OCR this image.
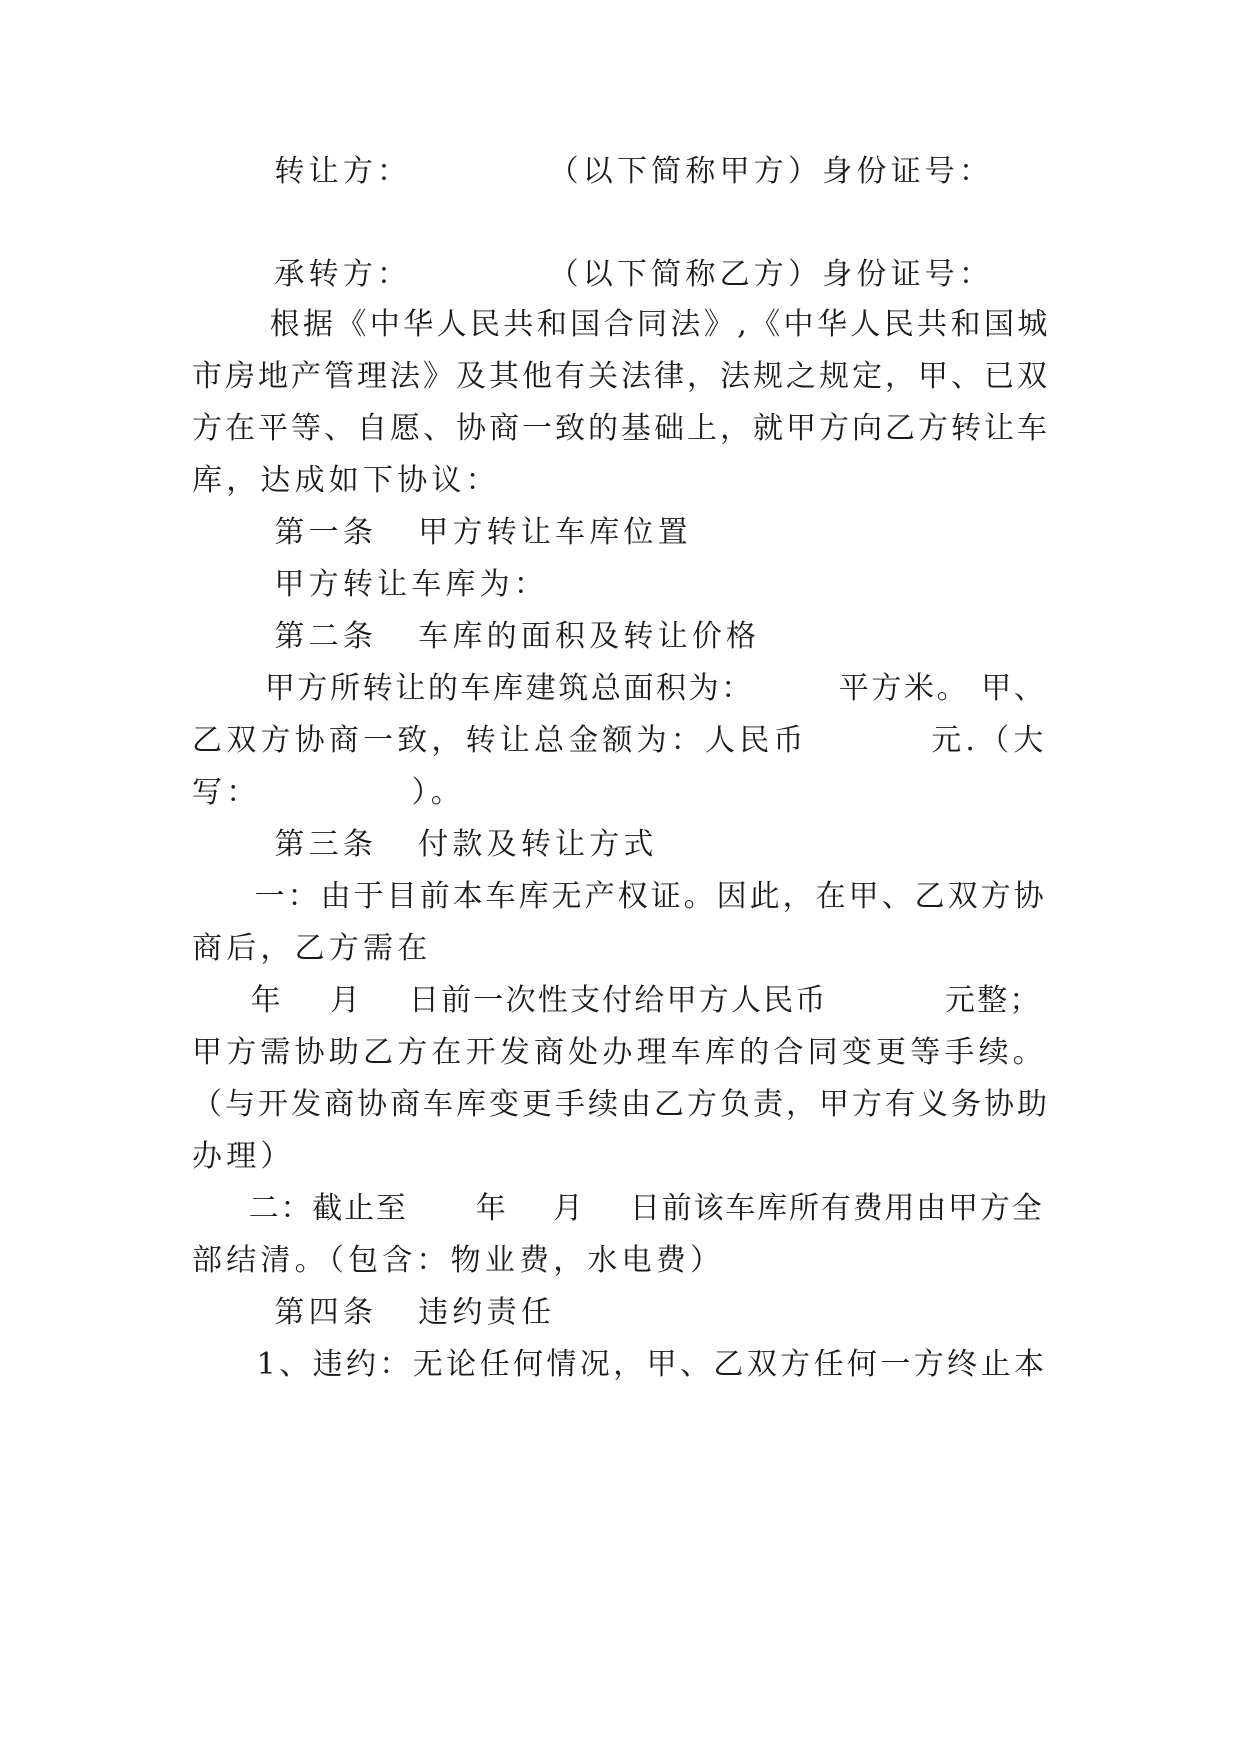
转让方：          （以下简称甲方）身份证号：
承转方：          （以下简称乙方）身份证号：
根据《中华人民共和国合同法》,《中华人民共和国城
市房地产管理法》及其他有关法律，法规之规定，甲、已双
方在平等、自愿、协商一致的基础上，就甲方向乙方转让车
库，达成如下协议：
第一条   甲方转让车库位置
甲方转让车库为：
第二条   车库的面积及转让价格
甲方所转让的车库建筑总面积为：       平方米。 甲、
乙双方协商一致，转让总金额为：人民币         元.（大
写：           ）。
第三条   付款及转让方式
一：由于目前本车库无产权证。因此，在甲、乙双方协
商后，乙方需在
年    月    日前一次性支付给甲方人民币          元整；
甲方需协助乙方在开发商处办理车库的合同变更等手续。
（与开发商协商车库变更手续由乙方负责，甲方有义务协助
办理）
二：截止至      年    月    日前该车库所有费用由甲方全
部结清。（包含：物业费，水电费）
第四条   违约责任
1、违约：无论任何情况，甲、乙双方任何一方终止本
